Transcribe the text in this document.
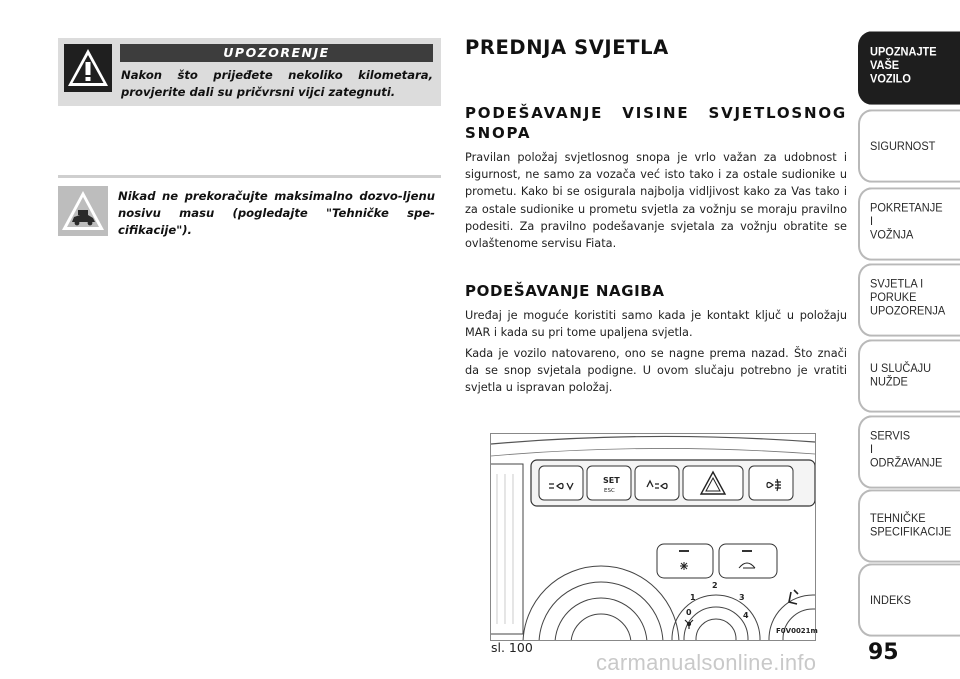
UPOZORENJE
Nakon što prijeđete nekoliko kilometara, provjerite dali su pričvrsni vijci zategnuti.
Nikad ne prekoračujte maksimalno dozvo-ljenu nosivu masu (pogledajte "Tehničke spe-cifikacije").
PREDNJA SVJETLA
PODEŠAVANJE VISINE SVJETLOSNOG SNOPA

Pravilan položaj svjetlosnog snopa je vrlo važan za udobnost i sigurnost, ne samo za vozača već isto tako i za ostale sudionike u prometu. Kako bi se osigurala najbolja vidljivost kako za Vas tako i za ostale sudionike u prometu svjetla za vožnju se moraju pravilno podesiti. Za pravilno podešavanje svjetala za vožnju obratite se ovlaštenome servisu Fiata.

PODEŠAVANJE NAGIBA

Uređaj je moguće koristiti samo kada je kontakt ključ u položaju MAR i kada su pri tome upaljena svjetla.

Kada je vozilo natovareno, ono se nagne prema nazad. Što znači da se snop svjetala podigne. U ovom slučaju potrebno je vratiti svjetla u ispravan položaj.

SET
ESC
0
1
2
3
4
F0V0021m
sl. 100
UPOZNAJTE
VAŠE
VOZILO
SIGURNOST
POKRETANJE
I
VOŽNJA
SVJETLA I
PORUKE
UPOZORENJA
U SLUČAJU
NUŽDE
SERVIS
I
ODRŽAVANJE
TEHNIČKE
SPECIFIKACIJE
INDEKS
95
carmanualsonline.info
